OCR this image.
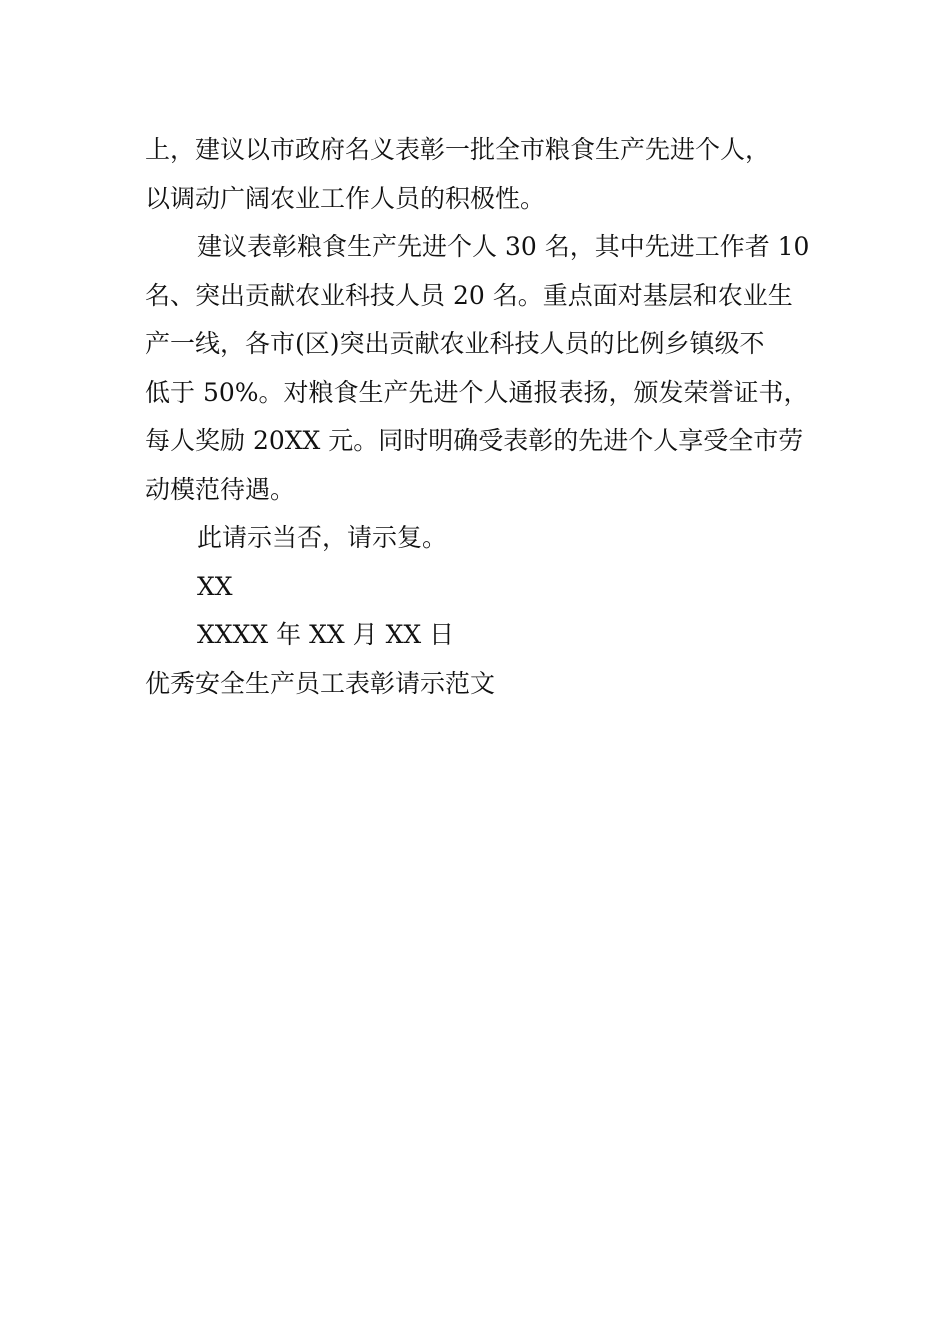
上，建议以市政府名义表彰一批全市粮食生产先进个人，
以调动广阔农业工作人员的积极性。
建议表彰粮食生产先进个人 30 名，其中先进工作者 10
名、突出贡献农业科技人员 20 名。重点面对基层和农业生
产一线，各市(区)突出贡献农业科技人员的比例乡镇级不
低于 50%。对粮食生产先进个人通报表扬，颁发荣誉证书，
每人奖励 20XX 元。同时明确受表彰的先进个人享受全市劳
动模范待遇。
此请示当否，请示复。
XX
XXXX 年 XX 月 XX 日
优秀安全生产员工表彰请示范文
